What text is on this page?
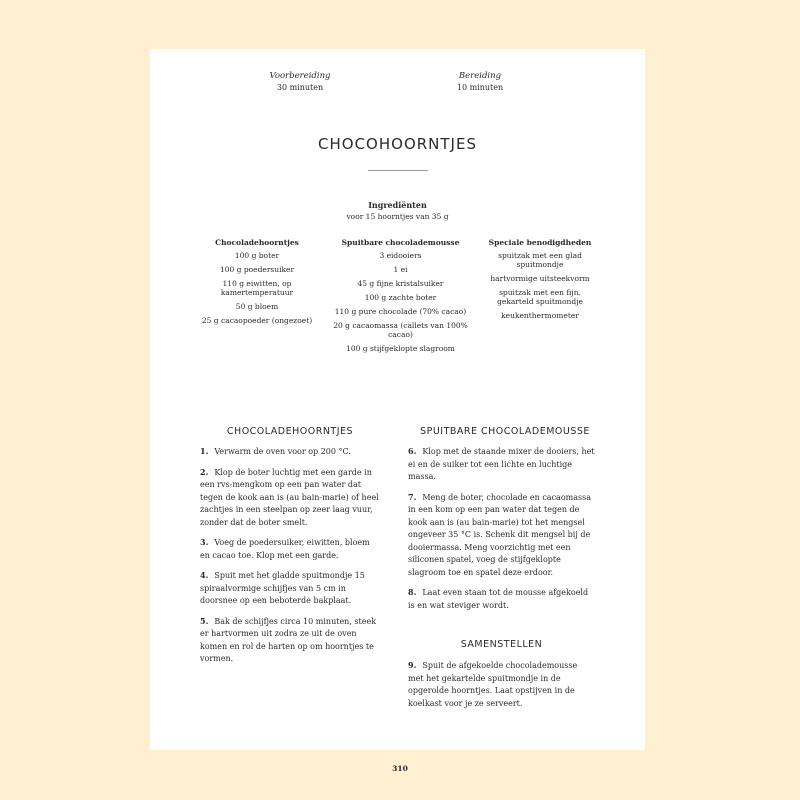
Voorbereiding
30 minuten
Bereiding
10 minuten
CHOCOHOORNTJES
Ingrediënten
voor 15 hoorntjes van 35 g
Chocoladehoorntjes
100 g boter
100 g poedersuiker
110 g eiwitten, op kamertemperatuur
50 g bloem
25 g cacaopoeder (ongezoet)
Spuitbare chocolademousse
3 eidooiers
1 ei
45 g fijne kristalsuiker
100 g zachte boter
110 g pure chocolade (70% cacao)
20 g cacaomassa (callets van 100% cacao)
100 g stijfgeklopte slagroom
Speciale benodigdheden
spuitzak met een glad spuitmondje
hartvormige uitsteekvorm
spuitzak met een fijn, gekarteld spuitmondje
keukenthermometer
CHOCOLADEHOORNTJES	SPUITBARE CHOCOLADEMOUSSE
1. Verwarm de oven voor op 200 °C.
2. Klop de boter luchtig met een garde in een rvs-mengkom op een pan water dat tegen de kook aan is (au bain-marie) of heel zachtjes in een steelpan op zeer laag vuur, zonder dat de boter smelt.
3. Voeg de poedersuiker, eiwitten, bloem en cacao toe. Klop met een garde.
4. Spuit met het gladde spuitmondje 15 spiraalvormige schijfjes van 5 cm in doorsnee op een beboterde bakplaat.
5. Bak de schijfjes circa 10 minuten, steek er hartvormen uit zodra ze uit de oven komen en rol de harten op om hoorntjes te vormen.
6. Klop met de staande mixer de dooiers, het ei en de suiker tot een lichte en luchtige massa.
7. Meng de boter, chocolade en cacaomassa in een kom op een pan water dat tegen de kook aan is (au bain-marie) tot het mengsel ongeveer 35 °C is. Schenk dit mengsel bij de dooiermassa. Meng voorzichtig met een siliconen spatel, voeg de stijfgeklopte slagroom toe en spatel deze erdoor.
8. Laat even staan tot de mousse afgekoeld is en wat steviger wordt.
SAMENSTELLEN
9. Spuit de afgekoelde chocolademousse met het gekartelde spuitmondje in de opgerolde hoorntjes. Laat opstijven in de koelkast voor je ze serveert.
310
